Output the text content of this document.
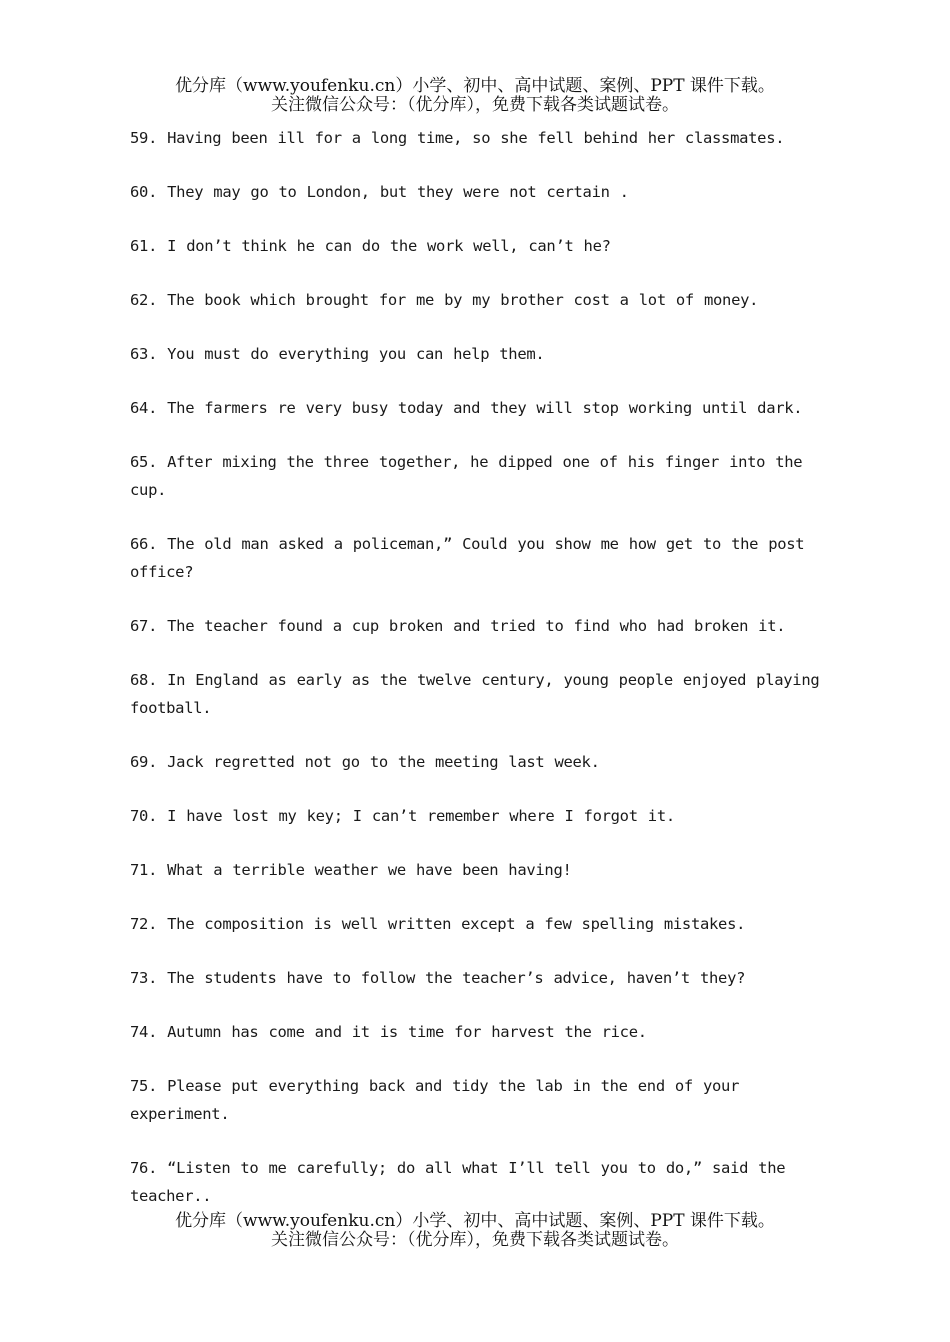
优分库（www.youfenku.cn）小学、初中、高中试题、案例、PPT 课件下载。
关注微信公众号：（优分库），免费下载各类试题试卷。
59. Having been ill for a long time, so she fell behind her classmates.
60. They may go to London, but they were not certain .
61. I don’t think he can do the work well, can’t he?
62. The book which brought for me by my brother cost a lot of money.
63. You must do everything you can help them.
64. The farmers re very busy today and they will stop working until dark.
65. After mixing the three together, he dipped one of his finger into the cup.
66. The old man asked a policeman,” Could you show me how get to the post office?
67. The teacher found a cup broken and tried to find who had broken it.
68. In England as early as the twelve century, young people enjoyed playing football.
69. Jack regretted not go to the meeting last week.
70. I have lost my key; I can’t remember where I forgot it.
71. What a terrible weather we have been having!
72. The composition is well written except a few spelling mistakes.
73. The students have to follow the teacher’s advice, haven’t they?
74. Autumn has come and it is time for harvest the rice.
75. Please put everything back and tidy the lab in the end of your experiment.
76. “Listen to me carefully; do all what I’ll tell you to do,” said the teacher..
优分库（www.youfenku.cn）小学、初中、高中试题、案例、PPT 课件下载。
关注微信公众号：（优分库），免费下载各类试题试卷。
